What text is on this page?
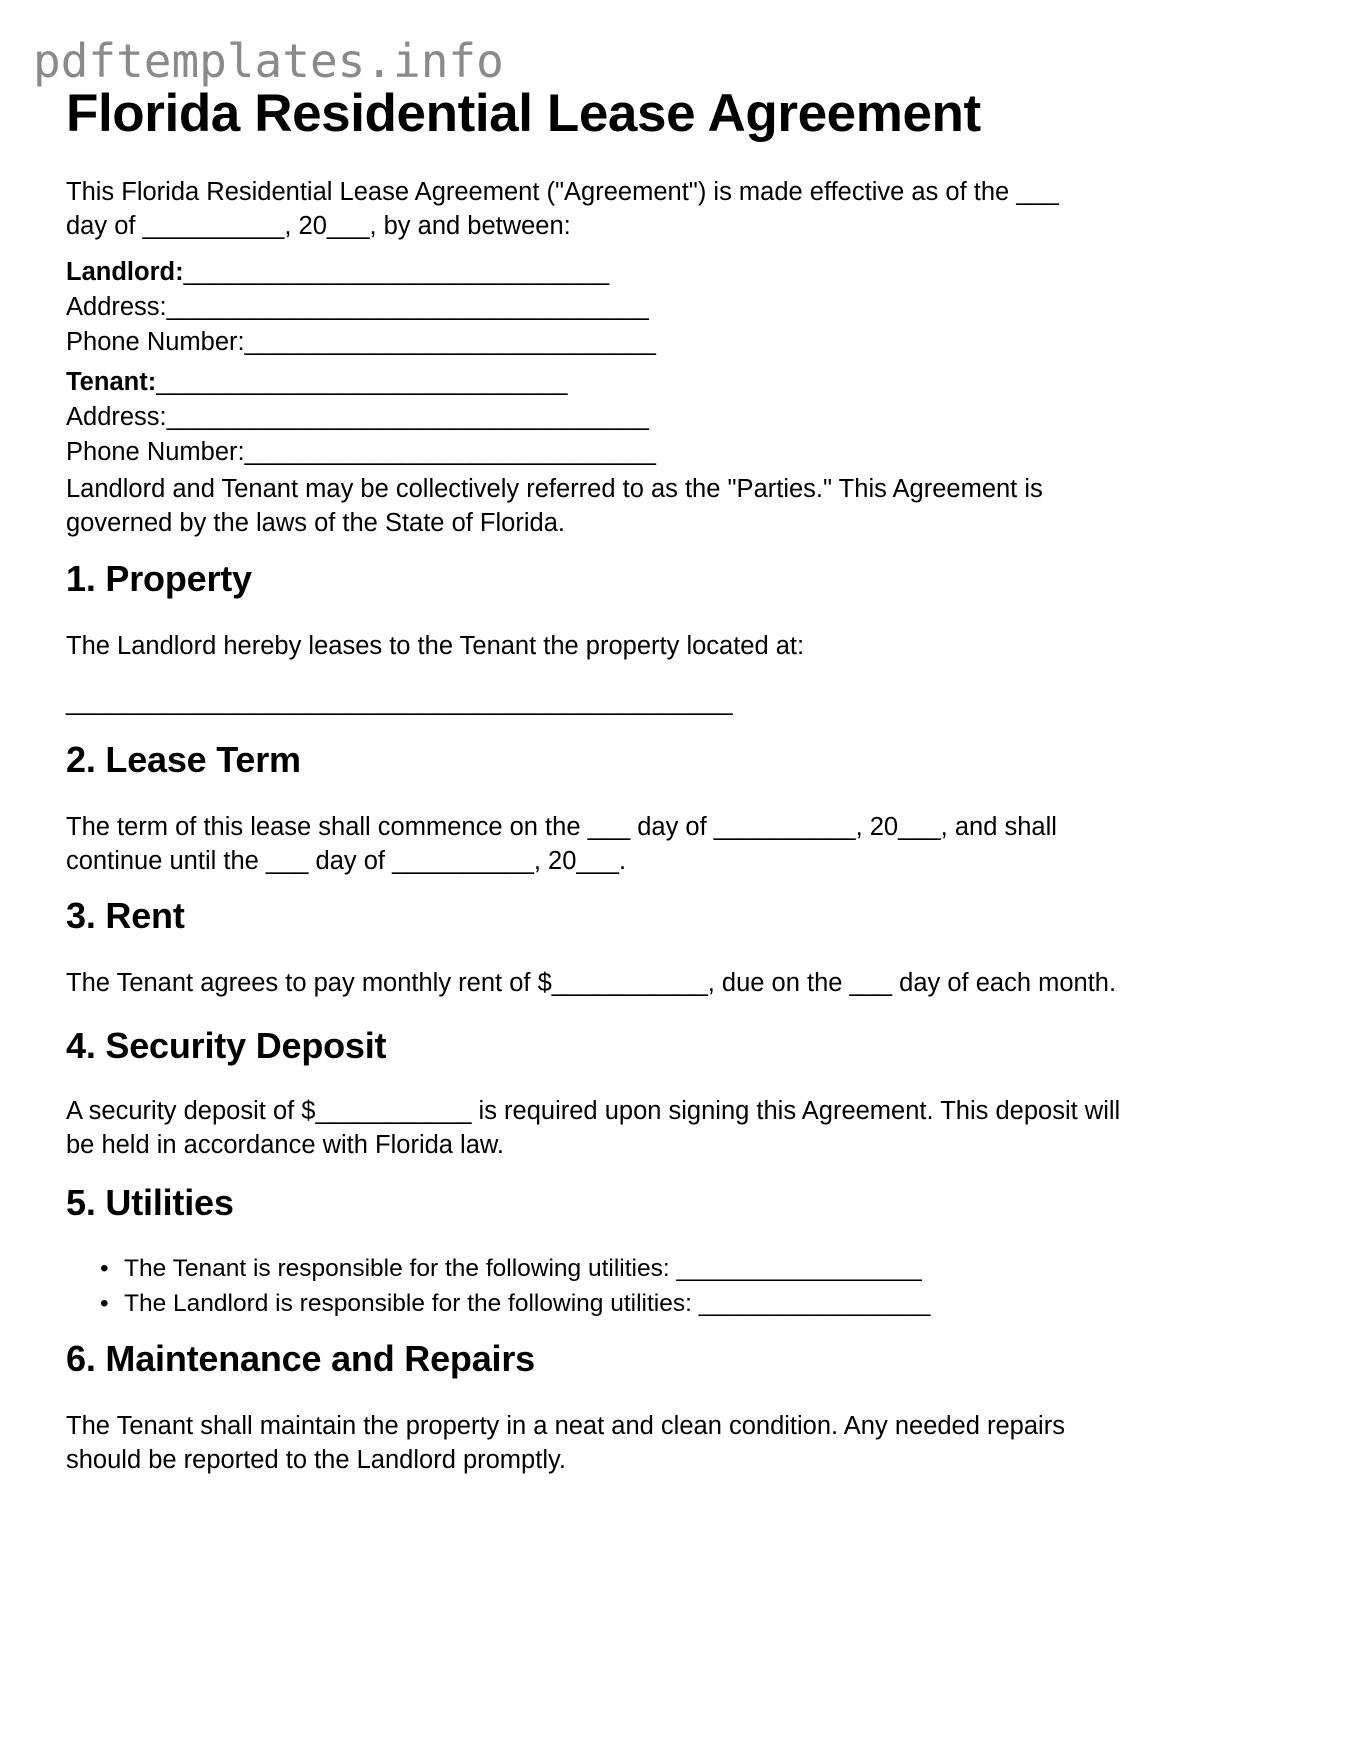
pdftemplates.info
Florida Residential Lease Agreement

This Florida Residential Lease Agreement ("Agreement") is made effective as of the ___

day of __________, 20___, by and between:

Landlord:______________________________
Address:__________________________________
Phone Number:_____________________________
Tenant:_____________________________
Address:__________________________________
Phone Number:_____________________________

Landlord and Tenant may be collectively referred to as the "Parties." This Agreement is

governed by the laws of the State of Florida.

1. Property

The Landlord hereby leases to the Tenant the property located at:

_______________________________________________

2. Lease Term

The term of this lease shall commence on the ___ day of __________, 20___, and shall

continue until the ___ day of __________, 20___.

3. Rent

The Tenant agrees to pay monthly rent of $___________, due on the ___ day of each month.

4. Security Deposit

A security deposit of $___________ is required upon signing this Agreement. This deposit will

be held in accordance with Florida law.

5. Utilities
• The Tenant is responsible for the following utilities: __________________
• The Landlord is responsible for the following utilities: _________________
6. Maintenance and Repairs

The Tenant shall maintain the property in a neat and clean condition. Any needed repairs

should be reported to the Landlord promptly.
